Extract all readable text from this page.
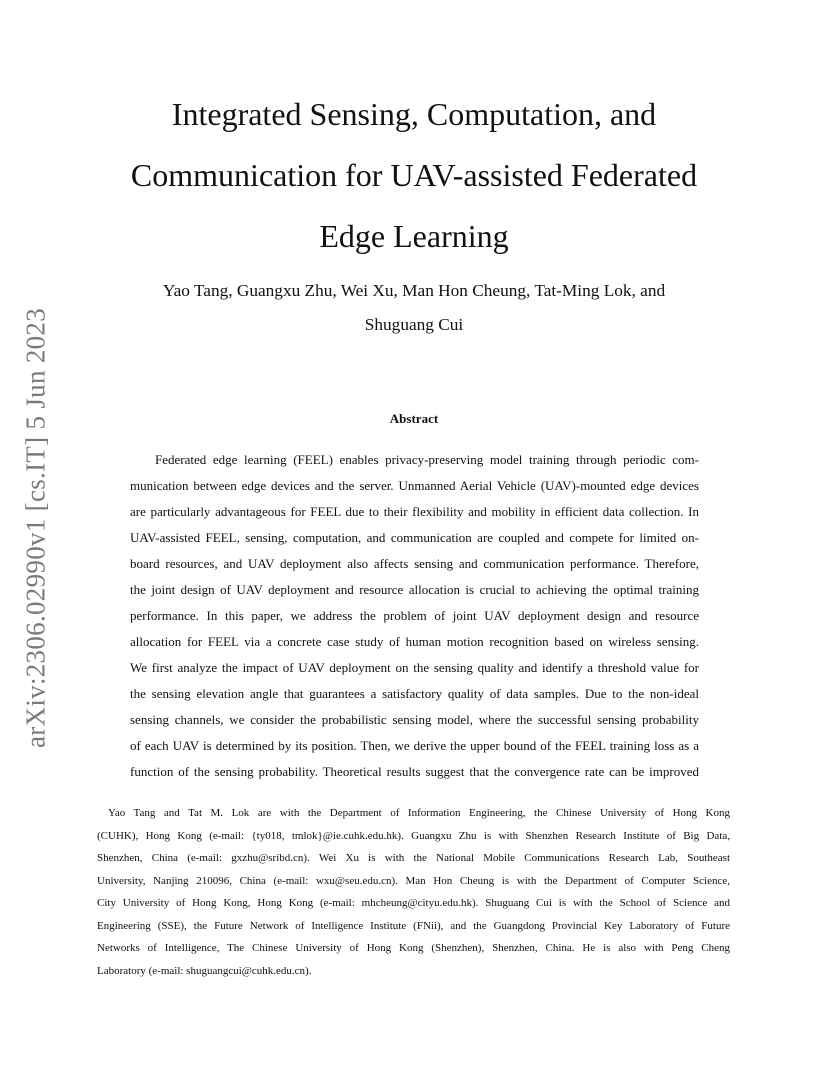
arXiv:2306.02990v1 [cs.IT] 5 Jun 2023
Integrated Sensing, Computation, and
Communication for UAV-assisted Federated
Edge Learning
Yao Tang, Guangxu Zhu, Wei Xu, Man Hon Cheung, Tat-Ming Lok, and
Shuguang Cui
Abstract
Federated edge learning (FEEL) enables privacy-preserving model training through periodic com-
munication between edge devices and the server. Unmanned Aerial Vehicle (UAV)-mounted edge devices
are particularly advantageous for FEEL due to their flexibility and mobility in efficient data collection. In
UAV-assisted FEEL, sensing, computation, and communication are coupled and compete for limited on-
board resources, and UAV deployment also affects sensing and communication performance. Therefore,
the joint design of UAV deployment and resource allocation is crucial to achieving the optimal training
performance. In this paper, we address the problem of joint UAV deployment design and resource
allocation for FEEL via a concrete case study of human motion recognition based on wireless sensing.
We first analyze the impact of UAV deployment on the sensing quality and identify a threshold value for
the sensing elevation angle that guarantees a satisfactory quality of data samples. Due to the non-ideal
sensing channels, we consider the probabilistic sensing model, where the successful sensing probability
of each UAV is determined by its position. Then, we derive the upper bound of the FEEL training loss as a
function of the sensing probability. Theoretical results suggest that the convergence rate can be improved
Yao Tang and Tat M. Lok are with the Department of Information Engineering, the Chinese University of Hong Kong
(CUHK), Hong Kong (e-mail: {ty018, tmlok}@ie.cuhk.edu.hk). Guangxu Zhu is with Shenzhen Research Institute of Big Data,
Shenzhen, China (e-mail: gxzhu@sribd.cn). Wei Xu is with the National Mobile Communications Research Lab, Southeast
University, Nanjing 210096, China (e-mail: wxu@seu.edu.cn). Man Hon Cheung is with the Department of Computer Science,
City University of Hong Kong, Hong Kong (e-mail: mhcheung@cityu.edu.hk). Shuguang Cui is with the School of Science and
Engineering (SSE), the Future Network of Intelligence Institute (FNii), and the Guangdong Provincial Key Laboratory of Future
Networks of Intelligence, The Chinese University of Hong Kong (Shenzhen), Shenzhen, China. He is also with Peng Cheng
Laboratory (e-mail: shuguangcui@cuhk.edu.cn).
